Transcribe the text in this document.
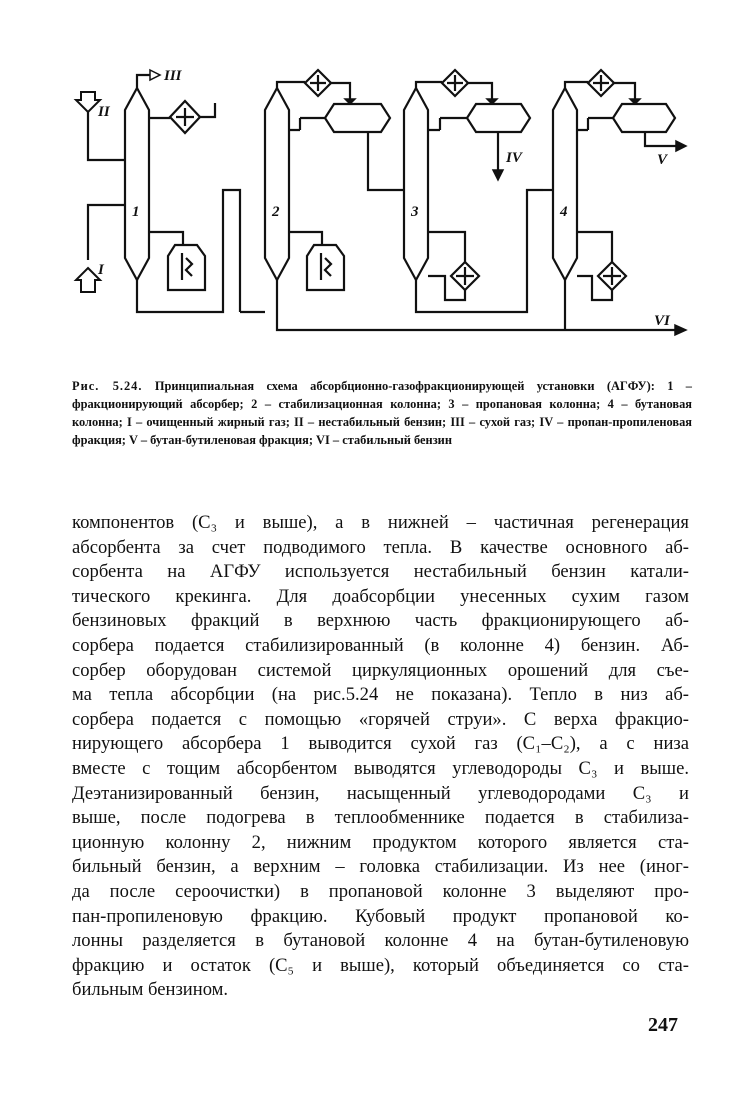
III
II
I
IV	V
VI
1	2	3	4
Рис. 5.24. Принципиальная схема абсорбционно-газофракционирующей установки (АГФУ): 1 – фракционирующий абсорбер; 2 – стабилизационная колонна; 3 – пропановая колонна; 4 – бутановая колонна; I – очищенный жирный газ; II – нестабильный бензин; III – сухой газ; IV – пропан-пропиленовая фракция; V – бутан-бутиленовая фракция; VI – стабильный бензин
компонентов (C₃ и выше), а в нижней – частичная регенерация
абсорбента за счет подводимого тепла. В качестве основного аб-
сорбента на АГФУ используется нестабильный бензин катали-
тического крекинга. Для доабсорбции унесенных сухим газом
бензиновых фракций в верхнюю часть фракционирующего аб-
сорбера подается стабилизированный (в колонне 4) бензин. Аб-
сорбер оборудован системой циркуляционных орошений для съе-
ма тепла абсорбции (на рис.5.24 не показана). Тепло в низ аб-
сорбера подается с помощью «горячей струи». С верха фракцио-
нирующего абсорбера 1 выводится сухой газ (C₁–C₂), а с низа
вместе с тощим абсорбентом выводятся углеводороды C₃ и выше.
Деэтанизированный бензин, насыщенный углеводородами C₃ и
выше, после подогрева в теплообменнике подается в стабилиза-
ционную колонну 2, нижним продуктом которого является ста-
бильный бензин, а верхним – головка стабилизации. Из нее (иног-
да после сероочистки) в пропановой колонне 3 выделяют про-
пан-пропиленовую фракцию. Кубовый продукт пропановой ко-
лонны разделяется в бутановой колонне 4 на бутан-бутиленовую
фракцию и остаток (C₅ и выше), который объединяется со ста-
бильным бензином.
247
